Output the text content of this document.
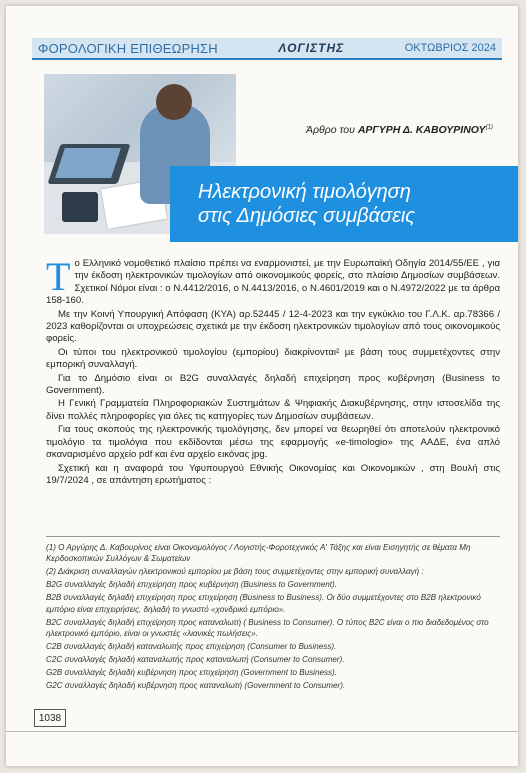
ΦΟΡΟΛΟΓΙΚΗ ΕΠΙΘΕΩΡΗΣΗ	ΛΟΓΙΣΤΗΣ	ΟΚΤΩΒΡΙΟΣ 2024
Άρθρο του ΑΡΓΥΡΗ Δ. ΚΑΒΟΥΡΙΝΟΥ$^{(1)}$
Ηλεκτρονική τιμολόγηση
στις Δημόσιες συμβάσεις

Το Ελληνικό νομοθετικό πλαίσιο πρέπει να εναρμονιστεί, με την Ευρωπαϊκή Οδηγία 2014/55/ΕΕ , για την έκδοση ηλεκτρονικών τιμολογίων από οικονομικούς φορείς, στο πλαίσιο Δημοσίων συμβάσεων. Σχετικοί Νόμοι είναι : ο Ν.4412/2016, ο Ν.4413/2016, ο Ν.4601/2019 και ο Ν.4972/2022 με τα άρθρα 158-160.

Με την Κοινή Υπουργική Απόφαση (ΚΥΑ) αρ.52445 / 12-4-2023 και την εγκύκλιο του Γ.Λ.Κ. αρ.78366 / 2023 καθορίζονται οι υποχρεώσεις σχετικά με την έκδοση ηλεκτρονικών τιμολογίων από τους οικονομικούς φορείς.

Οι τύποι του ηλεκτρονικού τιμολογίου (εμπορίου) διακρίνονται² με βάση τους συμμετέχοντες στην εμπορική συναλλαγή.

Για το Δημόσιο είναι οι B2G συναλλαγές δηλαδή επιχείρηση προς κυβέρνηση (Business to Government).

Η Γενική Γραμματεία Πληροφοριακών Συστημάτων & Ψηφιακής Διακυβέρνησης, στην ιστοσελίδα της δίνει πολλές πληροφορίες για όλες τις κατηγορίες των Δημοσίων συμβάσεων.

Για τους σκοπούς της ηλεκτρονικής τιμολόγησης, δεν μπορεί να θεωρηθεί ότι αποτελούν ηλεκτρονικό τιμολόγιο τα τιμολόγια που εκδίδονται μέσω της εφαρμογής «e-timologio» της ΑΑΔΕ, ένα απλό σκαναρισμένο αρχείο pdf και ένα αρχείο εικόνας jpg.

Σχετική και η αναφορά του Υφυπουργού Εθνικής Οικονομίας και Οικονομικών , στη Βουλή στις 19/7/2024 , σε απάντηση ερωτήματος :

(1) Ο Αργύρης Δ. Καβουρίνος είναι Οικονομολόγος / Λογιστής-Φοροτεχνικός Α' Τάξης και είναι Εισηγητής σε θέματα Μη Κερδοσκοπικών Συλλόγων & Σωματείων

(2) Διάκριση συναλλαγών ηλεκτρονικού εμπορίου με βάση τους συμμετέχοντες στην εμπορική συναλλαγή :

B2G συναλλαγές δηλαδή επιχείρηση προς κυβέρνηση (Business to Government).

B2B συναλλαγές δηλαδή επιχείρηση προς επιχείρηση (Business to Business). Οι δύο συμμετέχοντες στο B2B ηλεκτρονικό εμπόριο είναι επιχειρήσεις, δηλαδή το γνωστό «χονδρικό εμπόριο».

B2C συναλλαγές δηλαδή επιχείρηση προς καταναλωτή ( Business to Consumer). Ο τύπος B2C είναι ο πιο διαδεδομένος στο ηλεκτρονικό εμπόριο, είναι οι γνωστές «λιανικές πωλήσεις».

C2B συναλλαγές δηλαδή καταναλωτής προς επιχείρηση (Consumer to Business).

C2C συναλλαγές δηλαδή καταναλωτής προς καταναλωτή (Consumer to Consumer).

G2B συναλλαγές δηλαδή κυβέρνηση προς επιχείρηση (Government to Business).

G2C συναλλαγές δηλαδή κυβέρνηση προς καταναλωτή (Government to Consumer).

1038
